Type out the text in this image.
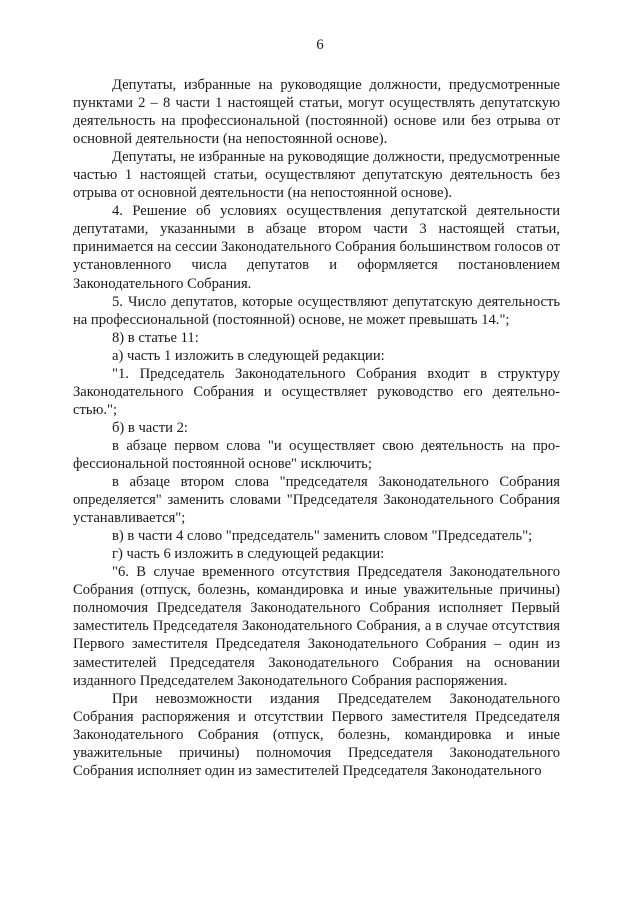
6

Депутаты, избранные на руководящие должности, предусмотренные пунктами 2 – 8 части 1 настоящей статьи, могут осуществлять депутатскую деятельность на профессиональной (постоянной) основе или без отрыва от основной деятельности (на непостоянной основе).

Депутаты, не избранные на руководящие должности, предусмотренные частью 1 настоящей статьи, осуществляют депутатскую деятельность без отрыва от основной деятельности (на непостоянной основе).

4. Решение об условиях осуществления депутатской деятельности депутатами, указанными в абзаце втором части 3 настоящей статьи, принимается на сессии Законодательного Собрания большинством голосов от установленного числа депутатов и оформляется постановлением Законодательного Собрания.

5. Число депутатов, которые осуществляют депутатскую деятельность на профессиональной (постоянной) основе, не может превышать 14.";

8) в статье 11:

а) часть 1 изложить в следующей редакции:

"1. Председатель Законодательного Собрания входит в структуру Законодательного Собрания и осуществляет руководство его деятельностью.";

б) в части 2:

в абзаце первом слова "и осуществляет свою деятельность на профессиональной постоянной основе" исключить;

в абзаце втором слова "председателя Законодательного Собрания определяется" заменить словами "Председателя Законодательного Собрания устанавливается";

в) в части 4 слово "председатель" заменить словом "Председатель";

г) часть 6 изложить в следующей редакции:

"6. В случае временного отсутствия Председателя Законодательного Собрания (отпуск, болезнь, командировка и иные уважительные причины) полномочия Председателя Законодательного Собрания исполняет Первый заместитель Председателя Законодательного Собрания, а в случае отсутствия Первого заместителя Председателя Законодательного Собрания – один из заместителей Председателя Законодательного Собрания на основании изданного Председателем Законодательного Собрания распоряжения.

При невозможности издания Председателем Законодательного Собрания распоряжения и отсутствии Первого заместителя Председателя Законодательного Собрания (отпуск, болезнь, командировка и иные уважительные причины) полномочия Председателя Законодательного Собрания исполняет один из заместителей Председателя Законодательного
